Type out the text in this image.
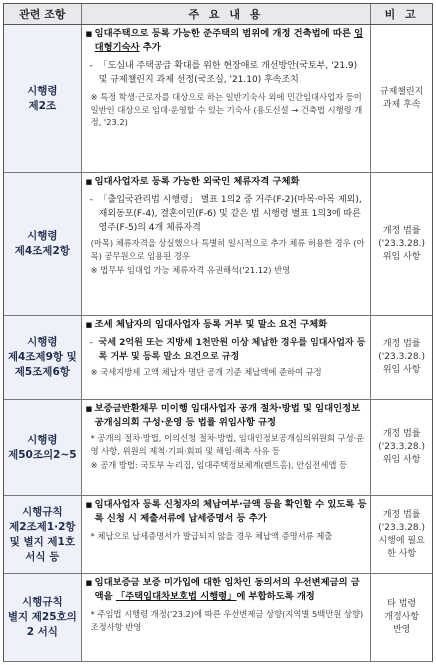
관련 조항	주 요 내 용	비 고
시행령
제2조
■ 임대주택으로 등록 가능한 준주택의 범위에 개정 건축법에 따른 임대형기숙사 추가
- 「도심내 주택공급 확대를 위한 현장애로 개선방안(국토부, '21.9) 및 규제챌린지 과제 선정(국조실, '21.10) 후속조치
※ 특정 학생·근로자를 대상으로 하는 일반기숙사 외에 민간임대사업자 등이 일반인 대상으로 임대·운영할 수 있는 기숙사 (용도신설 → 건축법 시행령 개정, '23.2)
규제챌린지
과제 후속
시행령
제4조제2항
■ 임대사업자로 등록 가능한 외국인 체류자격 구체화
- 「출입국관리법 시행령」 별표 1의2 중 거주(F-2)(마목·아목 제외), 재외동포(F-4), 결혼이민(F-6) 및 같은 법 시행령 별표 1의3에 따른 영주(F-5)의 4개 체류자격
(마목) 체류자격을 상실했으나 특별히 일시적으로 추가 체류 허용한 경우 (아목) 공무원으로 임용된 경우
※ 법무부 임대업 가능 체류자격 유권해석('21.12) 반영
개정 법률
('23.3.28.)
위임 사항
시행령
제4조제9항 및
제5조제6항
■ 조세 체납자의 임대사업자 등록 거부 및 말소 요건 구체화
- 국세 2억원 또는 지방세 1천만원 이상 체납한 경우를 임대사업자 등록 거부 및 등록 말소 요건으로 규정
※ 국세지방세 고액 체납자 명단 공개 기준 체납액에 준하여 규정
개정 법률
('23.3.28.)
위임 사항
시행령
제50조의2~5
■ 보증금반환채무 미이행 임대사업자 공개 절차·방법 및 임대인정보공개심의회 구성·운영 등 법률 위임사항 규정
* 공개의 절차·방법, 이의신청 절차·방법, 임대인정보공개심의위원회 구성·운영 사항, 위원의 제척·기피·회피 및 해임·해촉 사유 등
※ 공개 방법: 국토부 누리집, 임대주택정보체계(렌트홈), 안심전세앱 등
개정 법률
('23.3.28.)
위임 사항
시행규칙
제2조제1·2항
및 별지 제1호
서식 등
■ 임대사업자 등록 신청자의 체납여부·금액 등을 확인할 수 있도록 등록 신청 시 제출서류에 납세증명서 등 추가
* 체납으로 납세증명서가 발급되지 않을 경우 체납액 증명서류 제출
개정 법률
('23.3.28.)
시행에 필요
한 사항
시행규칙
별지 제25호의
2 서식
■ 임대보증금 보증 미가입에 대한 임차인 동의서의 우선변제금의 금액을 「주택임대차보호법 시행령」에 부합하도록 개정
* 주임법 시행령 개정('23.2)에 따른 우선변제금 상향(지역별 5백만원 상향) 조정사항 반영
타 법령
개정사항
반영
